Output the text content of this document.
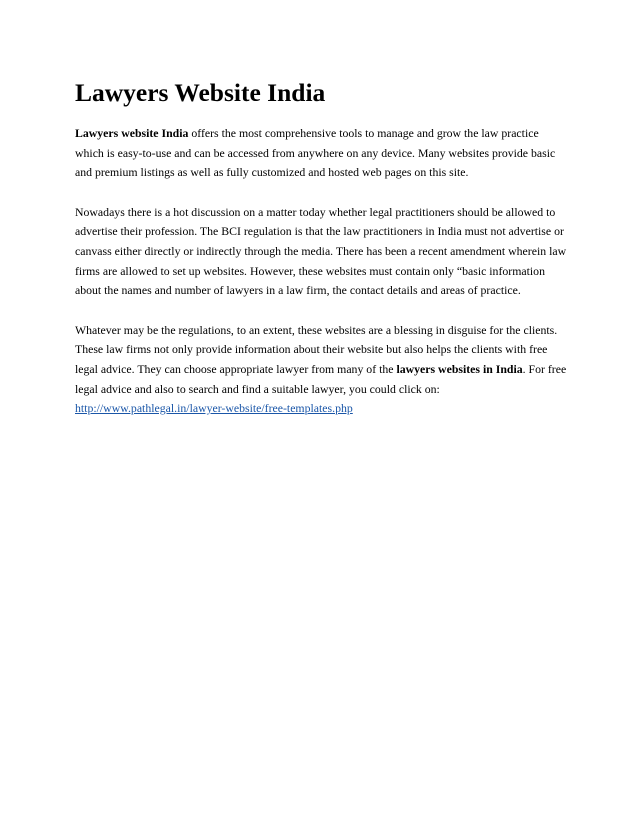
Lawyers Website India

Lawyers website India offers the most comprehensive tools to manage and grow the law practice which is easy-to-use and can be accessed from anywhere on any device. Many websites provide basic and premium listings as well as fully customized and hosted web pages on this site.

Nowadays there is a hot discussion on a matter today whether legal practitioners should be allowed to advertise their profession. The BCI regulation is that the law practitioners in India must not advertise or canvass either directly or indirectly through the media. There has been a recent amendment wherein law firms are allowed to set up websites. However, these websites must contain only “basic information about the names and number of lawyers in a law firm, the contact details and areas of practice.

Whatever may be the regulations, to an extent, these websites are a blessing in disguise for the clients. These law firms not only provide information about their website but also helps the clients with free legal advice. They can choose appropriate lawyer from many of the lawyers websites in India. For free legal advice and also to search and find a suitable lawyer, you could click on: http://www.pathlegal.in/lawyer-website/free-templates.php
